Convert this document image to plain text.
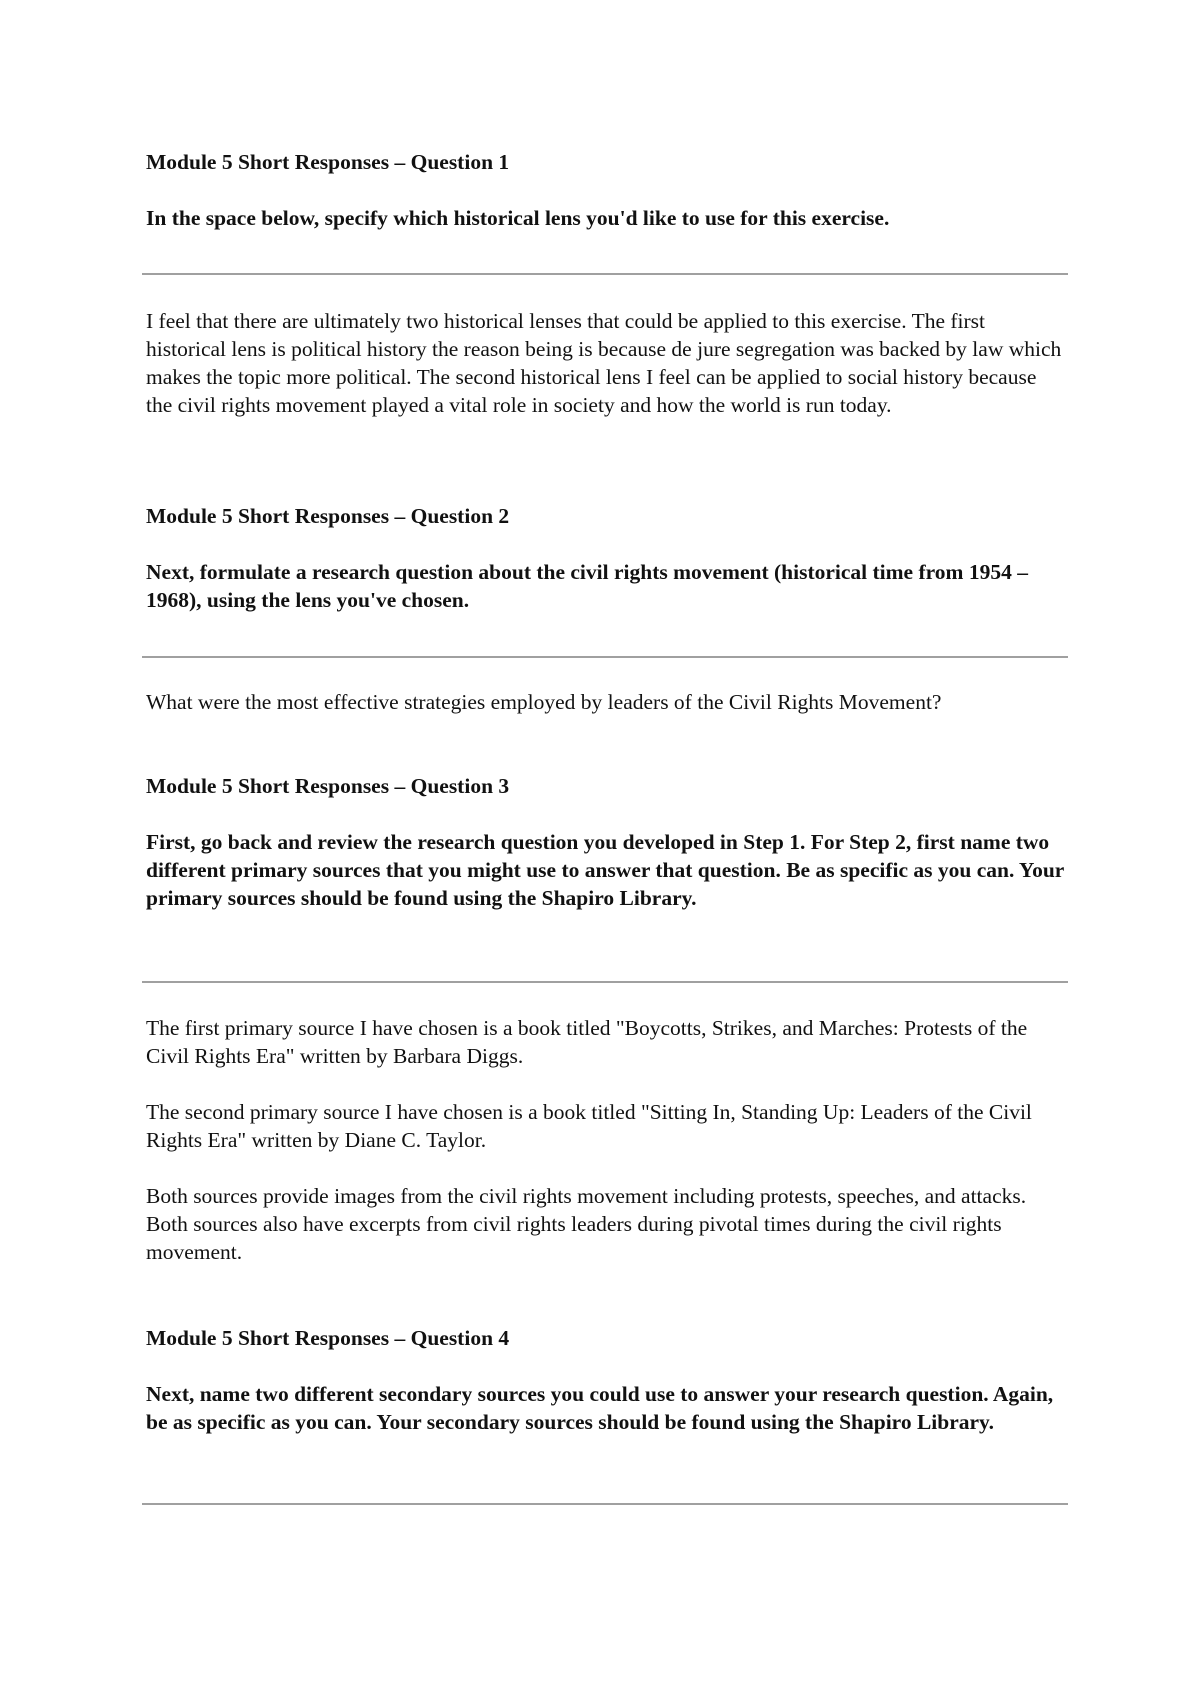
Module 5 Short Responses – Question 1

In the space below, specify which historical lens you'd like to use for this exercise.

I feel that there are ultimately two historical lenses that could be applied to this exercise. The first historical lens is political history the reason being is because de jure segregation was backed by law which makes the topic more political. The second historical lens I feel can be applied to social history because the civil rights movement played a vital role in society and how the world is run today.

Module 5 Short Responses – Question 2

Next, formulate a research question about the civil rights movement (historical time from 1954 – 1968), using the lens you've chosen.

What were the most effective strategies employed by leaders of the Civil Rights Movement?

Module 5 Short Responses – Question 3

First, go back and review the research question you developed in Step 1. For Step 2, first name two different primary sources that you might use to answer that question. Be as specific as you can. Your primary sources should be found using the Shapiro Library.

The first primary source I have chosen is a book titled "Boycotts, Strikes, and Marches: Protests of the Civil Rights Era" written by Barbara Diggs.

The second primary source I have chosen is a book titled "Sitting In, Standing Up: Leaders of the Civil Rights Era" written by Diane C. Taylor.

Both sources provide images from the civil rights movement including protests, speeches, and attacks. Both sources also have excerpts from civil rights leaders during pivotal times during the civil rights movement.

Module 5 Short Responses – Question 4

Next, name two different secondary sources you could use to answer your research question. Again, be as specific as you can. Your secondary sources should be found using the Shapiro Library.
